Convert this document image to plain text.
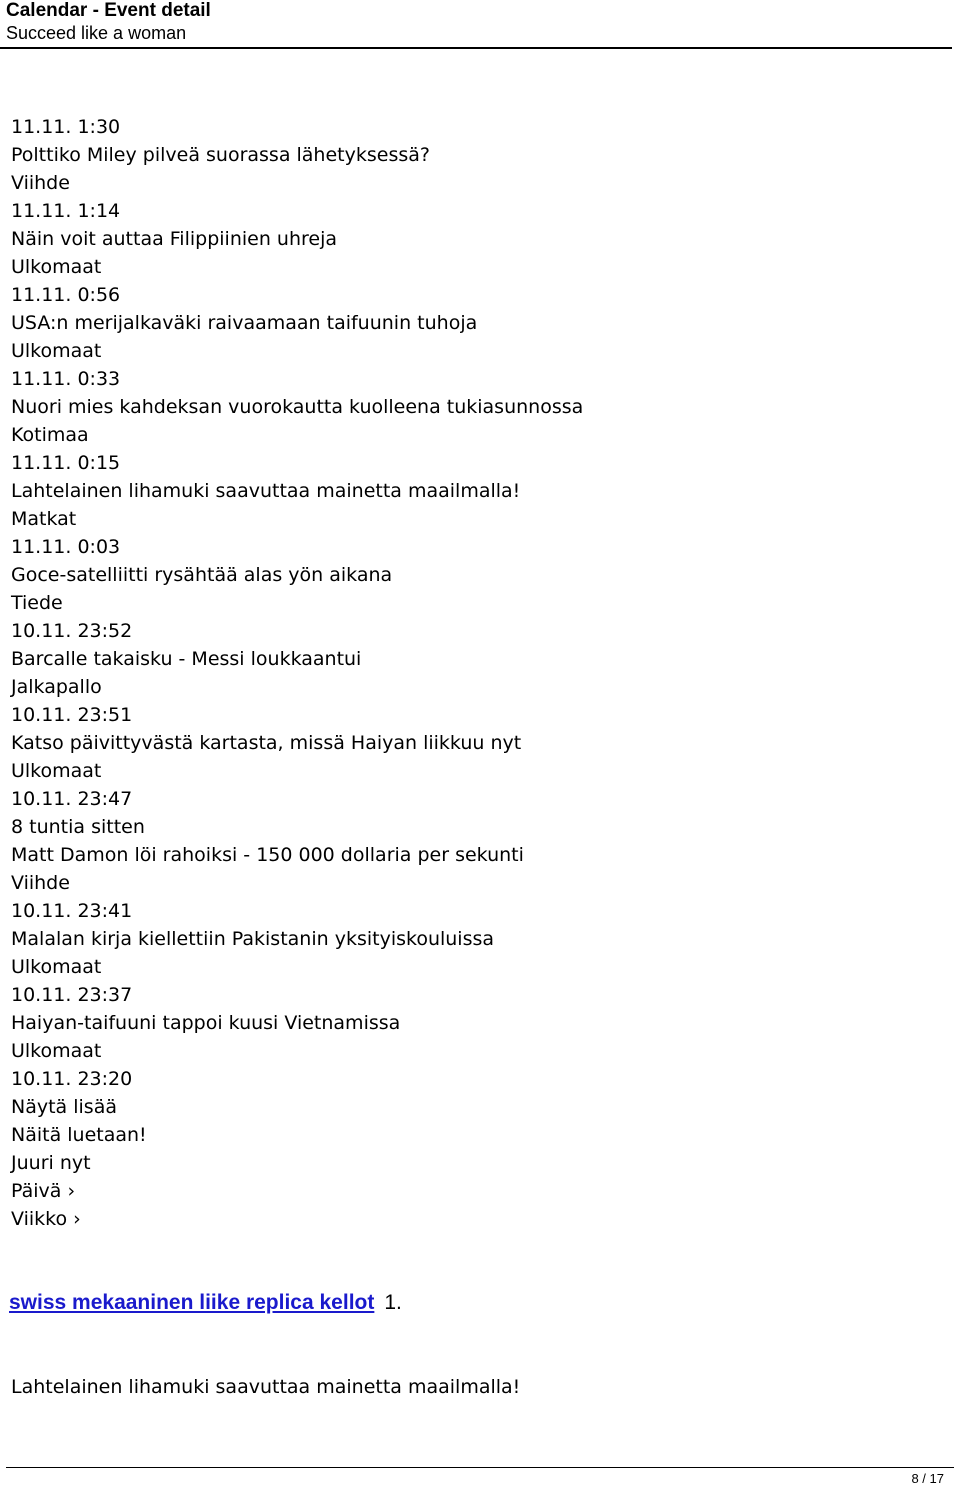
Calendar - Event detail
Succeed like a woman
11.11. 1:30
Polttiko Miley pilveä suorassa lähetyksessä?
Viihde
11.11. 1:14
Näin voit auttaa Filippiinien uhreja
Ulkomaat
11.11. 0:56
USA:n merijalkaväki raivaamaan taifuunin tuhoja
Ulkomaat
11.11. 0:33
Nuori mies kahdeksan vuorokautta kuolleena tukiasunnossa
Kotimaa
11.11. 0:15
Lahtelainen lihamuki saavuttaa mainetta maailmalla!
Matkat
11.11. 0:03
Goce-satelliitti rysähtää alas yön aikana
Tiede
10.11. 23:52
Barcalle takaisku - Messi loukkaantui
Jalkapallo
10.11. 23:51
Katso päivittyvästä kartasta, missä Haiyan liikkuu nyt
Ulkomaat
10.11. 23:47
8 tuntia sitten
Matt Damon löi rahoiksi - 150 000 dollaria per sekunti
Viihde
10.11. 23:41
Malalan kirja kiellettiin Pakistanin yksityiskouluissa
Ulkomaat
10.11. 23:37
Haiyan-taifuuni tappoi kuusi Vietnamissa
Ulkomaat
10.11. 23:20
Näytä lisää
Näitä luetaan!
Juuri nyt
Päivä ›
Viikko ›
swiss mekaaninen liike replica kellot 1.
Lahtelainen lihamuki saavuttaa mainetta maailmalla!
8 / 17
